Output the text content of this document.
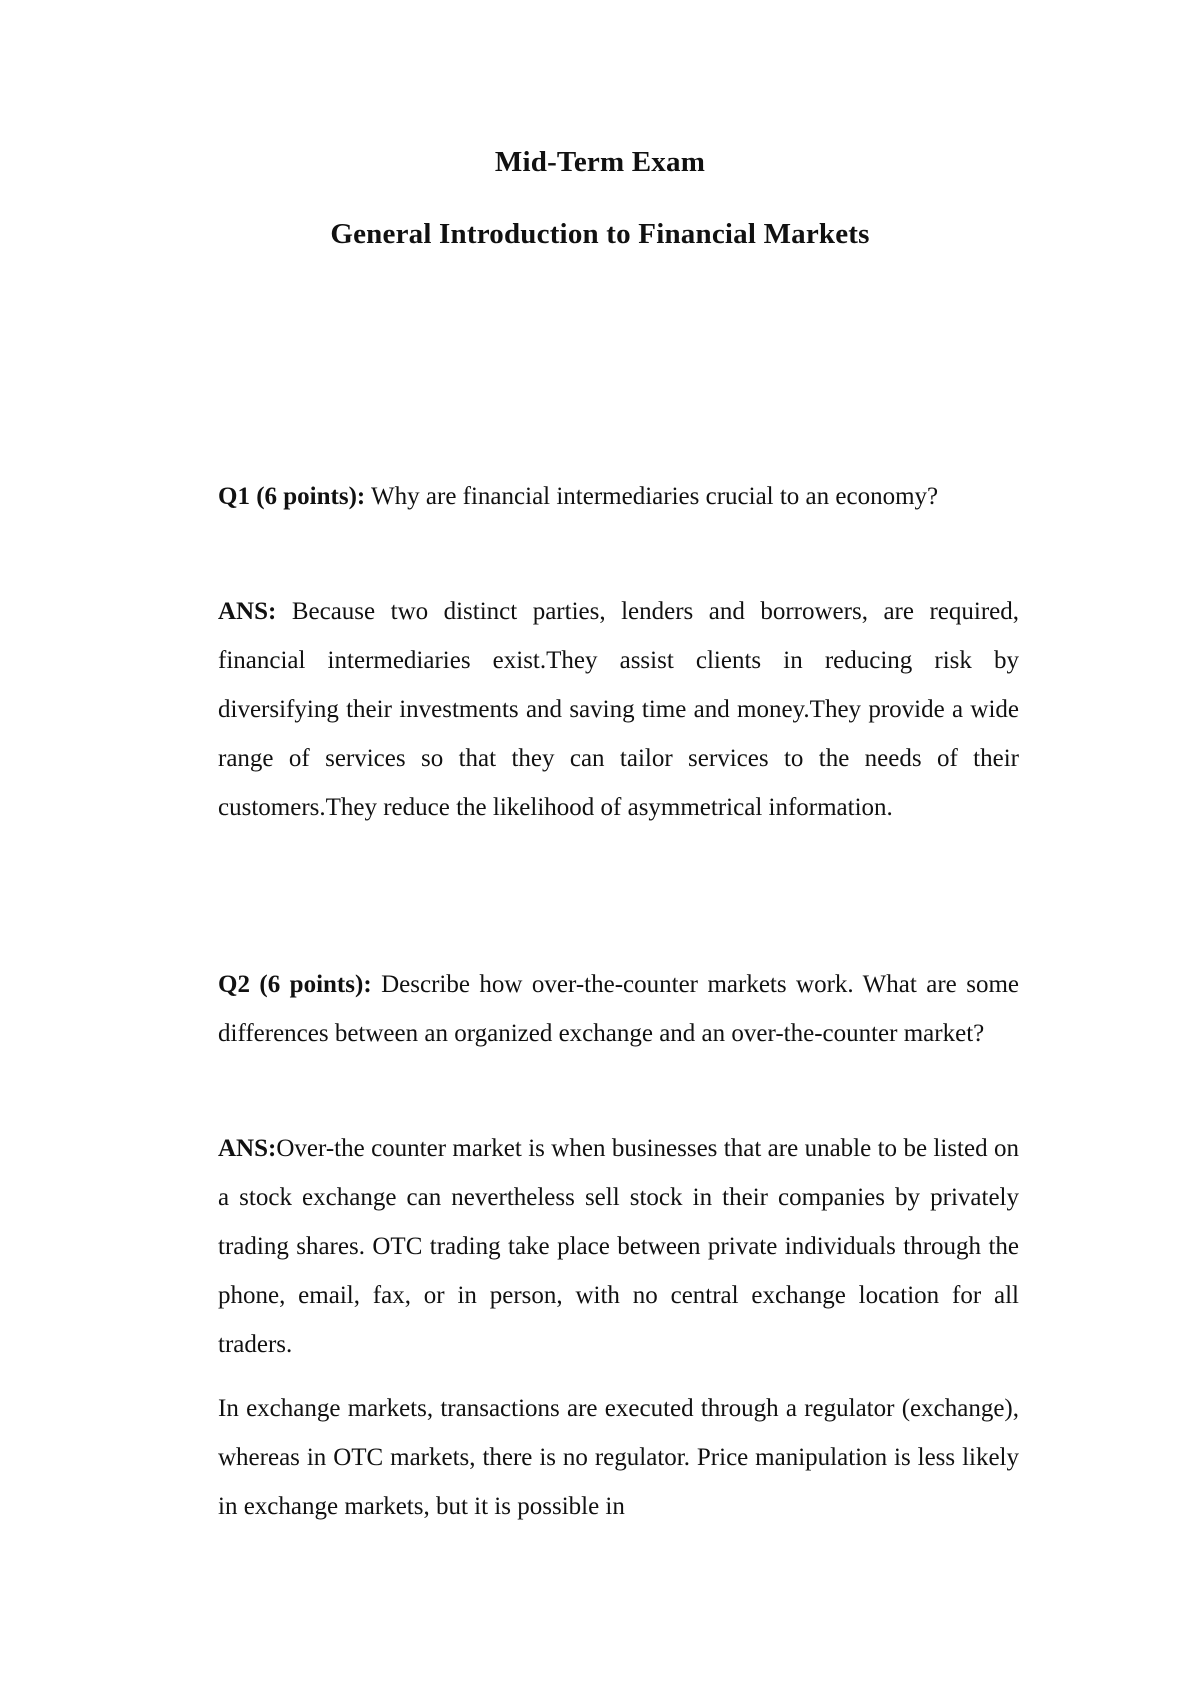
Mid-Term Exam
General Introduction to Financial Markets

Q1 (6 points): Why are financial intermediaries crucial to an economy?

ANS: Because two distinct parties, lenders and borrowers, are required, financial intermediaries exist.They assist clients in reducing risk by diversifying their investments and saving time and money.They provide a wide range of services so that they can tailor services to the needs of their customers.They reduce the likelihood of asymmetrical information.

Q2 (6 points): Describe how over-the-counter markets work. What are some differences between an organized exchange and an over-the-counter market?

ANS:Over-the counter market is when businesses that are unable to be listed on a stock exchange can nevertheless sell stock in their companies by privately trading shares. OTC trading take place between private individuals through the phone, email, fax, or in person, with no central exchange location for all traders.

In exchange markets, transactions are executed through a regulator (exchange), whereas in OTC markets, there is no regulator. Price manipulation is less likely in exchange markets, but it is possible in
